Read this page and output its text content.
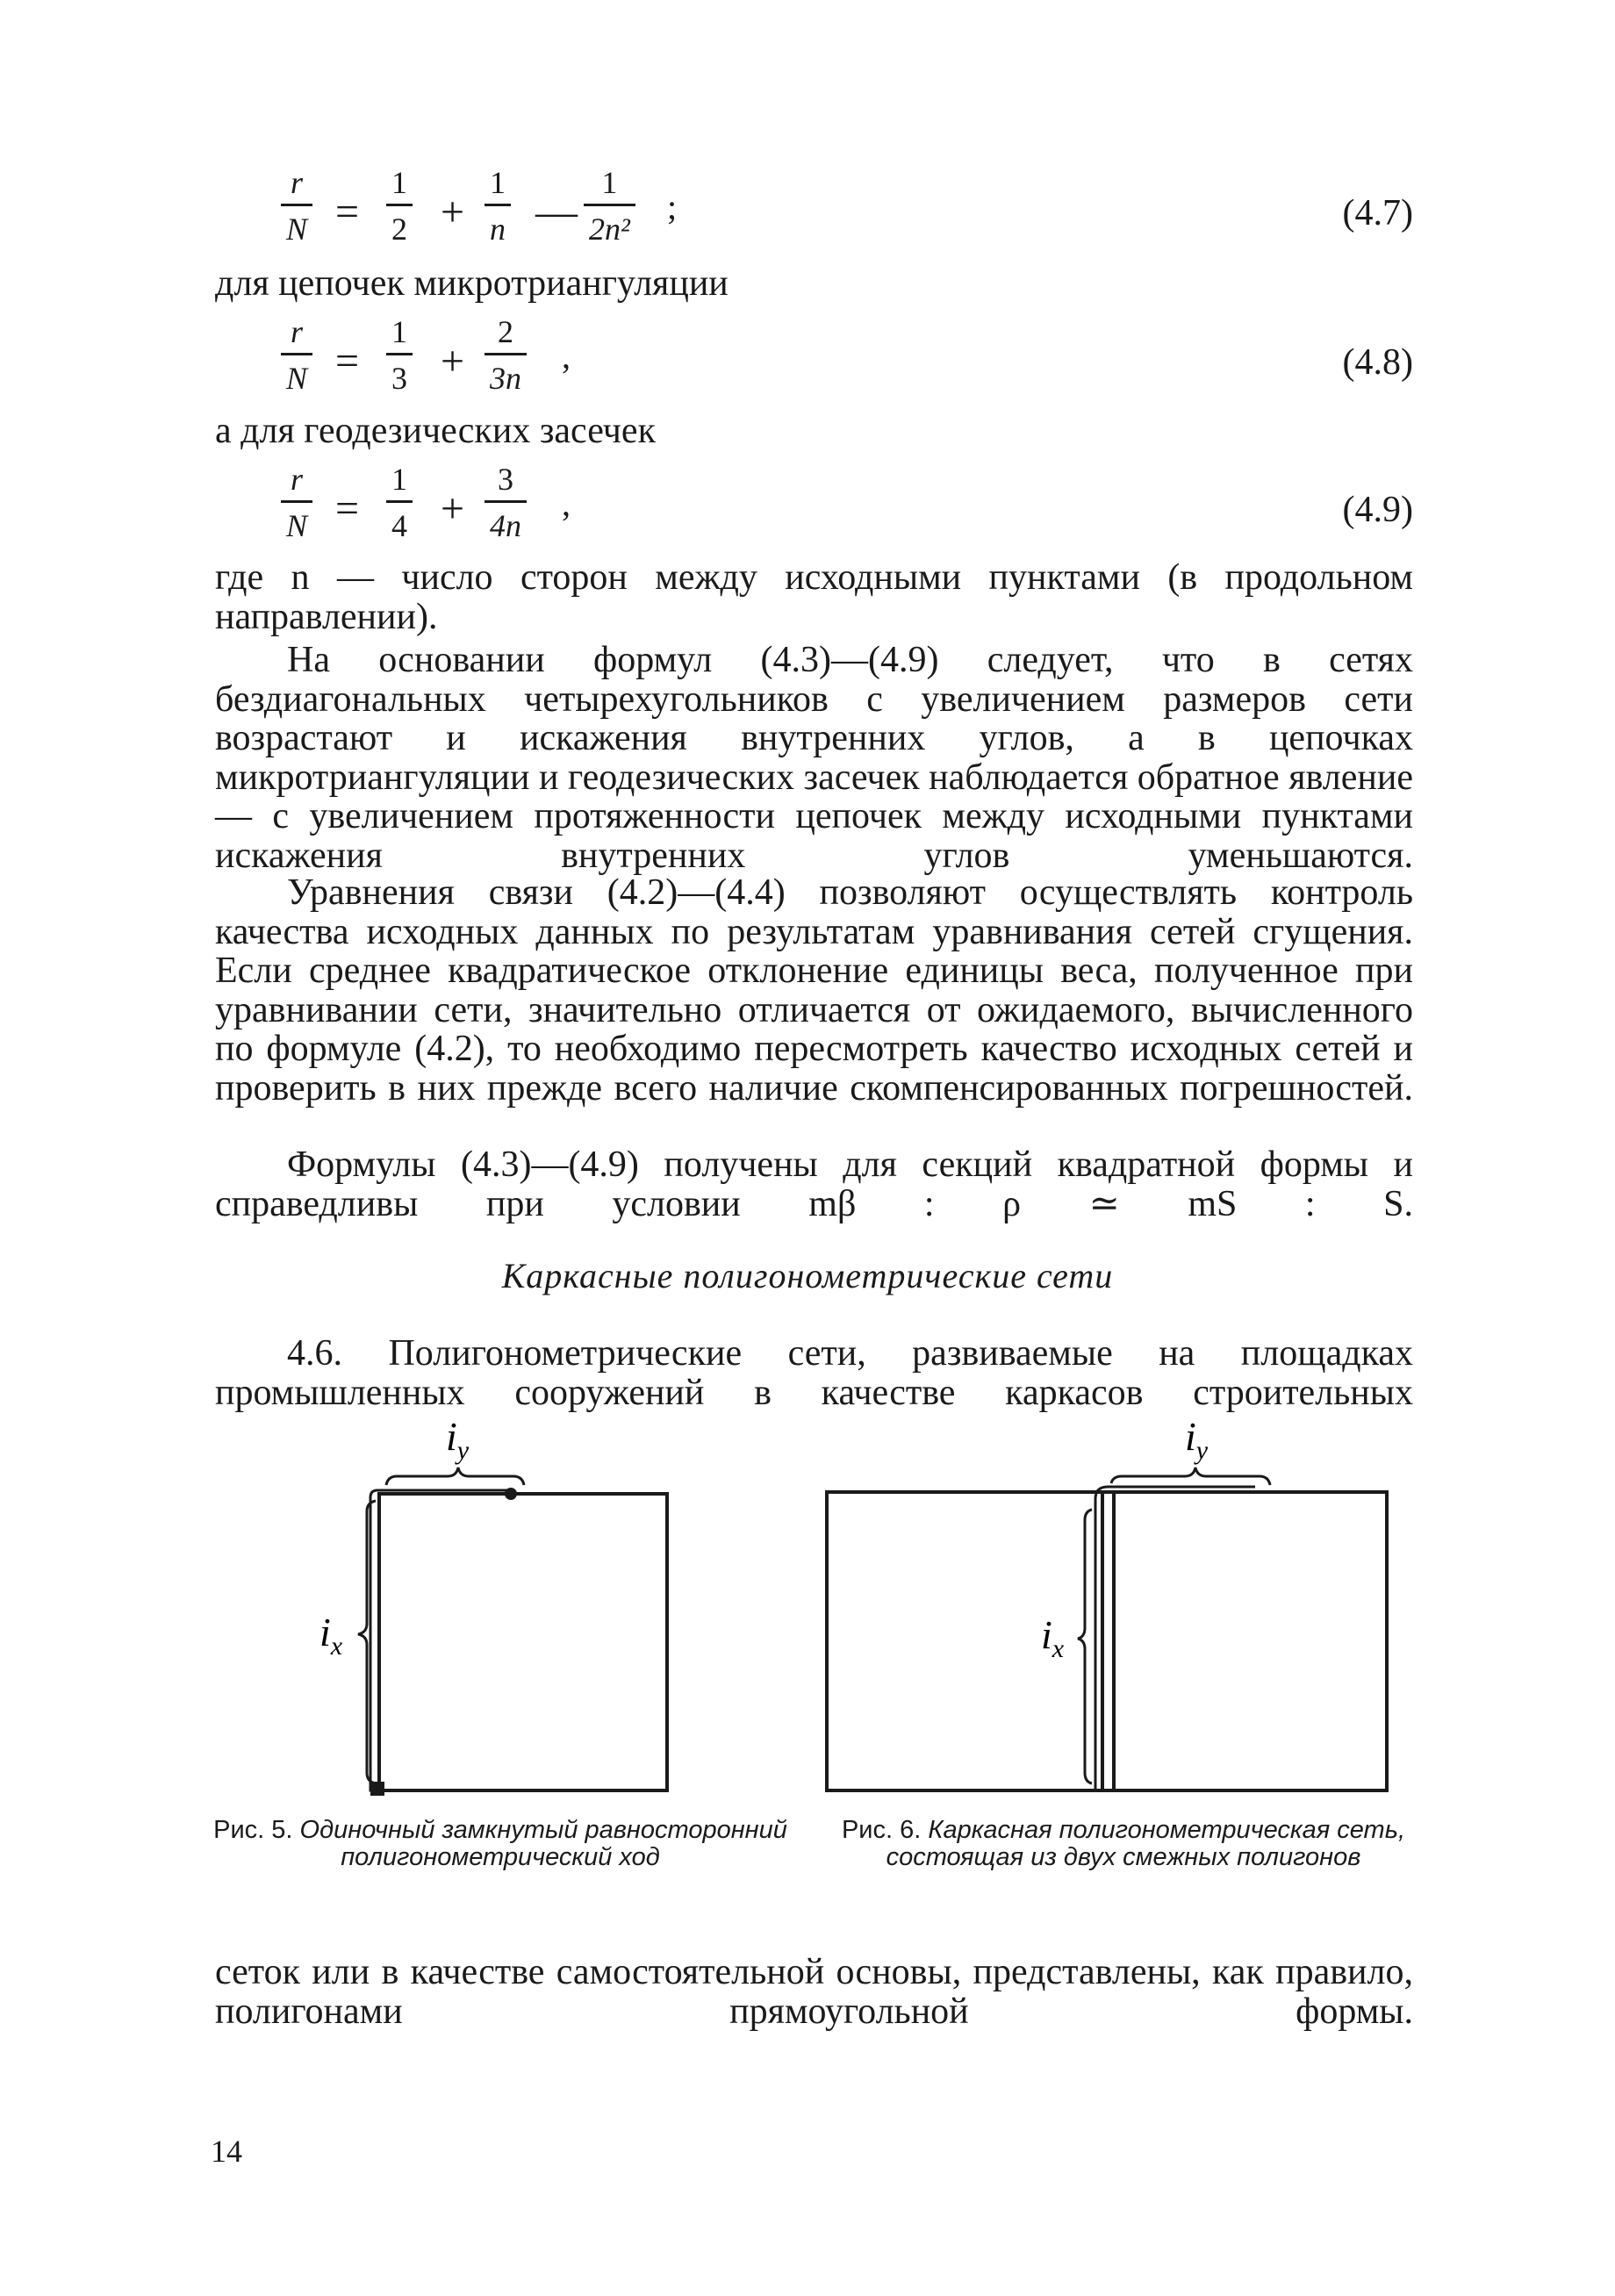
$\frac{r}{N} = \frac{1}{2} + \frac{1}{n}$ — $\frac{1}{\text{2n²}}$ ;	(4.7)
для цепочек микротриангуляции
$\frac{r}{N} = \frac{1}{3} + \frac{2}{3n}$ ,	(4.8)
а для геодезических засечек
$\frac{r}{N} = \frac{1}{4} + \frac{3}{4n}$ ,	(4.9)

где n — число сторон между исходными пунктами (в продольном направлении).

На основании формул (4.3)—(4.9) следует, что в сетях бездиагональных четырехугольников с увеличением размеров сети возрастают и искажения внутренних углов, а в цепочках микротриангуляции и геодезических засечек наблюдается обратное явление — с увеличением протяженности цепочек между исходными пунктами искажения внутренних углов уменьшаются.

Уравнения связи (4.2)—(4.4) позволяют осуществлять контроль качества исходных данных по результатам уравнивания сетей сгущения. Если среднее квадратическое отклонение единицы веса, полученное при уравнивании сети, значительно отличается от ожидаемого, вычисленного по формуле (4.2), то необходимо пересмотреть качество исходных сетей и проверить в них прежде всего наличие скомпенсированных погрешностей.

Формулы (4.3)—(4.9) получены для секций квадратной формы и справедливы при условии mβ : ρ ≃ mS : S.

Каркасные полигонометрические сети

4.6. Полигонометрические сети, развиваемые на площадках промышленных сооружений в качестве каркасов строительных

$i_y$
$i_x$
Рис. 5. Одиночный замкнутый равносторонний полигонометрический ход
$i_y$
$i_x$
Рис. 6. Каркасная полигонометрическая сеть, состоящая из двух смежных полигонов

сеток или в качестве самостоятельной основы, представлены, как правило, полигонами прямоугольной формы.

14
